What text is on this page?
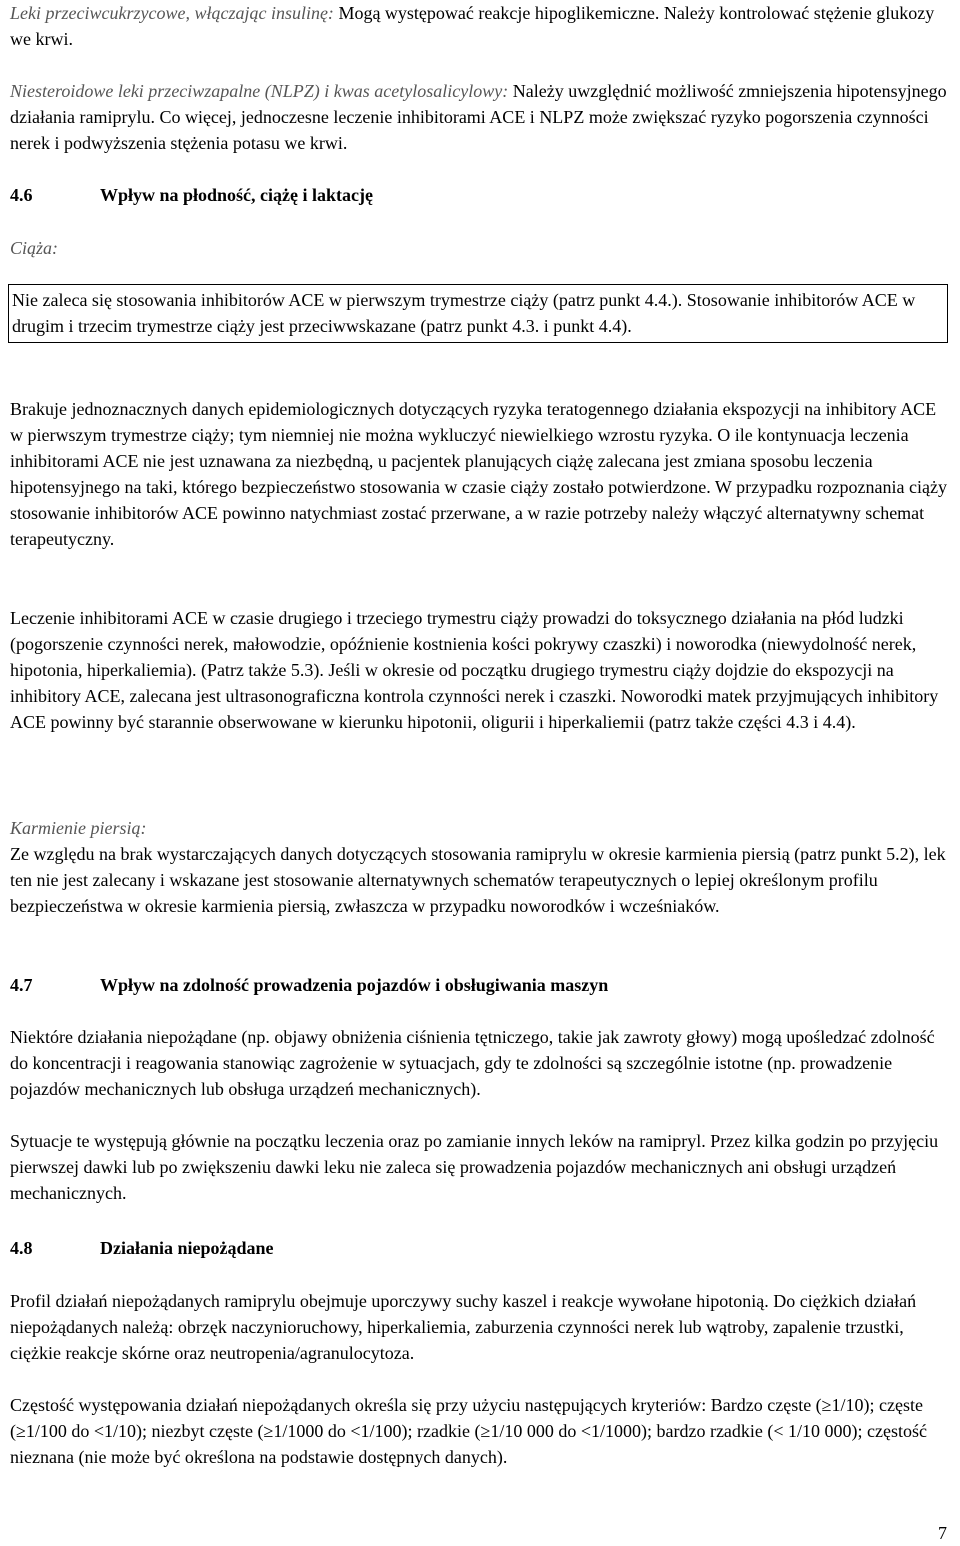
Leki przeciwcukrzycowe, włączając insulinę: Mogą występować reakcje hipoglikemiczne. Należy kontrolować stężenie glukozy we krwi.

Niesteroidowe leki przeciwzapalne (NLPZ) i kwas acetylosalicylowy: Należy uwzględnić możliwość zmniejszenia hipotensyjnego działania ramiprylu. Co więcej, jednoczesne leczenie inhibitorami ACE i NLPZ może zwiększać ryzyko pogorszenia czynności nerek i podwyższenia stężenia potasu we krwi.

4.6	Wpływ na płodność, ciążę i laktację

Ciąża:

Nie zaleca się stosowania inhibitorów ACE w pierwszym trymestrze ciąży (patrz punkt 4.4.). Stosowanie inhibitorów ACE w drugim i trzecim trymestrze ciąży jest przeciwwskazane (patrz punkt 4.3. i punkt 4.4).

Brakuje jednoznacznych danych epidemiologicznych dotyczących ryzyka teratogennego działania ekspozycji na inhibitory ACE w pierwszym trymestrze ciąży; tym niemniej nie można wykluczyć niewielkiego wzrostu ryzyka. O ile kontynuacja leczenia inhibitorami ACE nie jest uznawana za niezbędną, u pacjentek planujących ciążę zalecana jest zmiana sposobu leczenia hipotensyjnego na taki, którego bezpieczeństwo stosowania w czasie ciąży zostało potwierdzone. W przypadku rozpoznania ciąży stosowanie inhibitorów ACE powinno natychmiast zostać przerwane, a w razie potrzeby należy włączyć alternatywny schemat terapeutyczny.

Leczenie inhibitorami ACE w czasie drugiego i trzeciego trymestru ciąży prowadzi do toksycznego działania na płód ludzki (pogorszenie czynności nerek, małowodzie, opóźnienie kostnienia kości pokrywy czaszki) i noworodka (niewydolność nerek, hipotonia, hiperkaliemia). (Patrz także 5.3). Jeśli w okresie od początku drugiego trymestru ciąży dojdzie do ekspozycji na inhibitory ACE, zalecana jest ultrasonograficzna kontrola czynności nerek i czaszki. Noworodki matek przyjmujących inhibitory ACE powinny być starannie obserwowane w kierunku hipotonii, oligurii i hiperkaliemii (patrz także części 4.3 i 4.4).

Karmienie piersią:

Ze względu na brak wystarczających danych dotyczących stosowania ramiprylu w okresie karmienia piersią (patrz punkt 5.2), lek ten nie jest zalecany i wskazane jest stosowanie alternatywnych schematów terapeutycznych o lepiej określonym profilu bezpieczeństwa w okresie karmienia piersią, zwłaszcza w przypadku noworodków i wcześniaków.

4.7	Wpływ na zdolność prowadzenia pojazdów i obsługiwania maszyn

Niektóre działania niepożądane (np. objawy obniżenia ciśnienia tętniczego, takie jak zawroty głowy) mogą upośledzać zdolność do koncentracji i reagowania stanowiąc zagrożenie w sytuacjach, gdy te zdolności są szczególnie istotne (np. prowadzenie pojazdów mechanicznych lub obsługa urządzeń mechanicznych).

Sytuacje te występują głównie na początku leczenia oraz po zamianie innych leków na ramipryl. Przez kilka godzin po przyjęciu pierwszej dawki lub po zwiększeniu dawki leku nie zaleca się prowadzenia pojazdów mechanicznych ani obsługi urządzeń mechanicznych.

4.8	Działania niepożądane

Profil działań niepożądanych ramiprylu obejmuje uporczywy suchy kaszel i reakcje wywołane hipotonią. Do ciężkich działań niepożądanych należą: obrzęk naczynioruchowy, hiperkaliemia, zaburzenia czynności nerek lub wątroby, zapalenie trzustki, ciężkie reakcje skórne oraz neutropenia/agranulocytoza.

Częstość występowania działań niepożądanych określa się przy użyciu następujących kryteriów: Bardzo częste (≥1/10); częste (≥1/100 do <1/10); niezbyt częste (≥1/1000 do <1/100); rzadkie (≥1/10 000 do <1/1000); bardzo rzadkie (< 1/10 000); częstość nieznana (nie może być określona na podstawie dostępnych danych).

7
